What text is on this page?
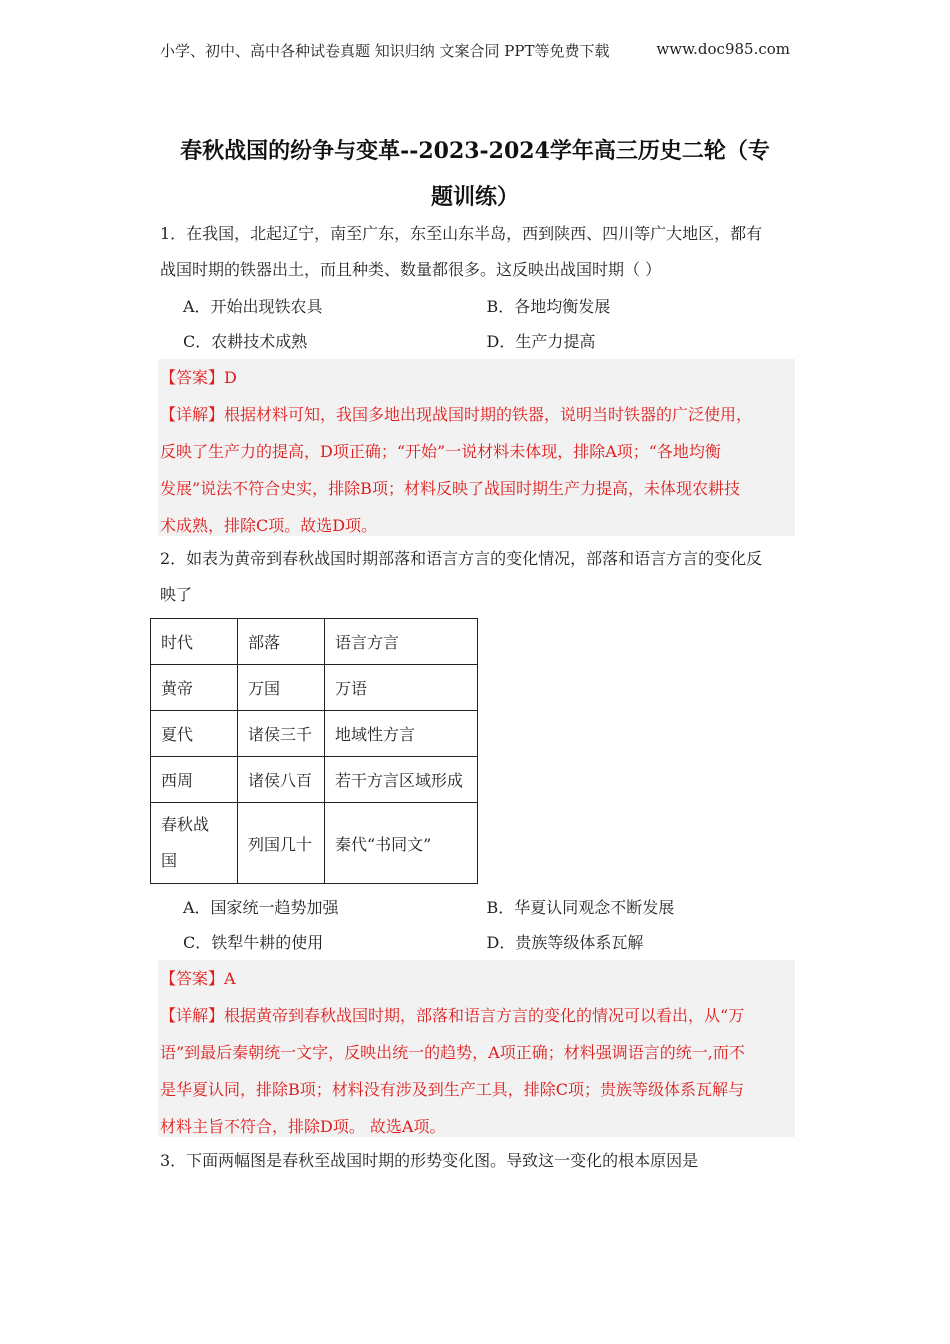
小学、初中、高中各种试卷真题 知识归纳 文案合同 PPT等免费下载	www.doc985.com
春秋战国的纷争与变革--2023-2024学年高三历史二轮（专
题训练）
1．在我国，北起辽宁，南至广东，东至山东半岛，西到陕西、四川等广大地区，都有
战国时期的铁器出土，而且种类、数量都很多。这反映出战国时期（ ）
A．开始出现铁农具	B．各地均衡发展
C．农耕技术成熟	D．生产力提高
【答案】D
【详解】根据材料可知，我国多地出现战国时期的铁器，说明当时铁器的广泛使用，
反映了生产力的提高，D项正确；“开始”一说材料未体现，排除A项；“各地均衡
发展”说法不符合史实，排除B项；材料反映了战国时期生产力提高，未体现农耕技
术成熟，排除C项。故选D项。
2．如表为黄帝到春秋战国时期部落和语言方言的变化情况，部落和语言方言的变化反
映了
时代	部落	语言方言
黄帝	万国	万语
夏代	诸侯三千	地域性方言
西周	诸侯八百	若干方言区域形成

春秋战
国	列国几十	秦代“书同文”
A．国家统一趋势加强	B．华夏认同观念不断发展
C．铁犁牛耕的使用	D．贵族等级体系瓦解
【答案】A
【详解】根据黄帝到春秋战国时期，部落和语言方言的变化的情况可以看出，从“万
语”到最后秦朝统一文字，反映出统一的趋势，A项正确；材料强调语言的统一,而不
是华夏认同，排除B项；材料没有涉及到生产工具，排除C项；贵族等级体系瓦解与
材料主旨不符合，排除D项。 故选A项。
3．下面两幅图是春秋至战国时期的形势变化图。导致这一变化的根本原因是
